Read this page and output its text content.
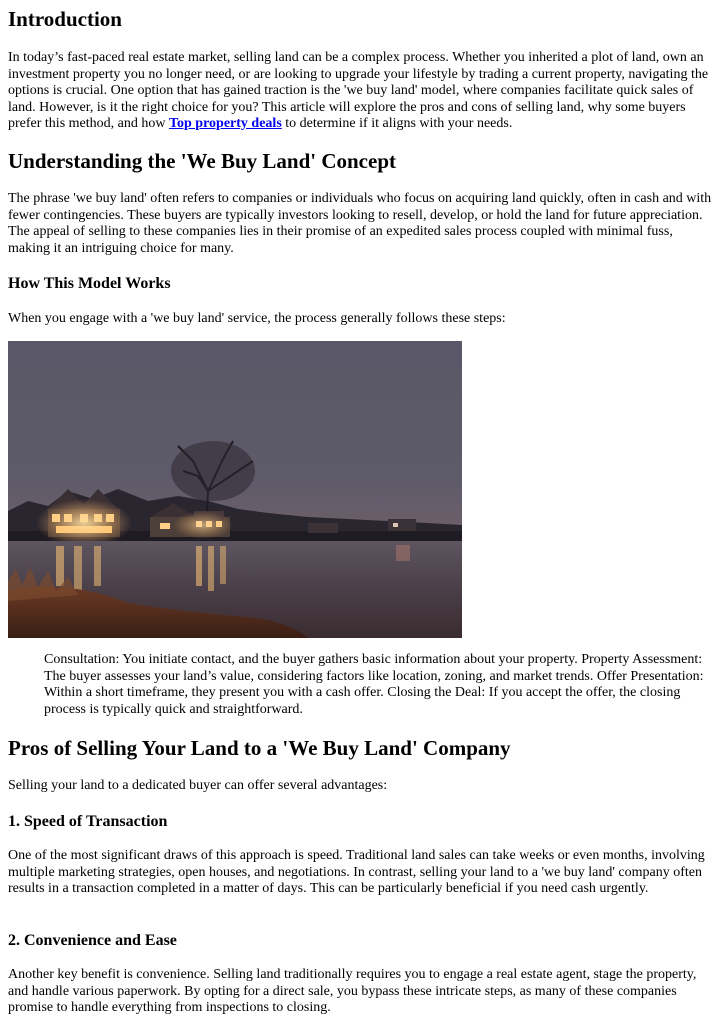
Introduction

In today’s fast-paced real estate market, selling land can be a complex process. Whether you inherited a plot of land, own an investment property you no longer need, or are looking to upgrade your lifestyle by trading a current property, navigating the options is crucial. One option that has gained traction is the 'we buy land' model, where companies facilitate quick sales of land. However, is it the right choice for you? This article will explore the pros and cons of selling land, why some buyers prefer this method, and how Top property deals to determine if it aligns with your needs.

Understanding the 'We Buy Land' Concept

The phrase 'we buy land' often refers to companies or individuals who focus on acquiring land quickly, often in cash and with fewer contingencies. These buyers are typically investors looking to resell, develop, or hold the land for future appreciation. The appeal of selling to these companies lies in their promise of an expedited sales process coupled with minimal fuss, making it an intriguing choice for many.

How This Model Works

When you engage with a 'we buy land' service, the process generally follows these steps:

Consultation: You initiate contact, and the buyer gathers basic information about your property. Property Assessment: The buyer assesses your land’s value, considering factors like location, zoning, and market trends. Offer Presentation: Within a short timeframe, they present you with a cash offer. Closing the Deal: If you accept the offer, the closing process is typically quick and straightforward.
Pros of Selling Your Land to a 'We Buy Land' Company

Selling your land to a dedicated buyer can offer several advantages:

1. Speed of Transaction

One of the most significant draws of this approach is speed. Traditional land sales can take weeks or even months, involving multiple marketing strategies, open houses, and negotiations. In contrast, selling your land to a 'we buy land' company often results in a transaction completed in a matter of days. This can be particularly beneficial if you need cash urgently.

2. Convenience and Ease

Another key benefit is convenience. Selling land traditionally requires you to engage a real estate agent, stage the property, and handle various paperwork. By opting for a direct sale, you bypass these intricate steps, as many of these companies promise to handle everything from inspections to closing.
